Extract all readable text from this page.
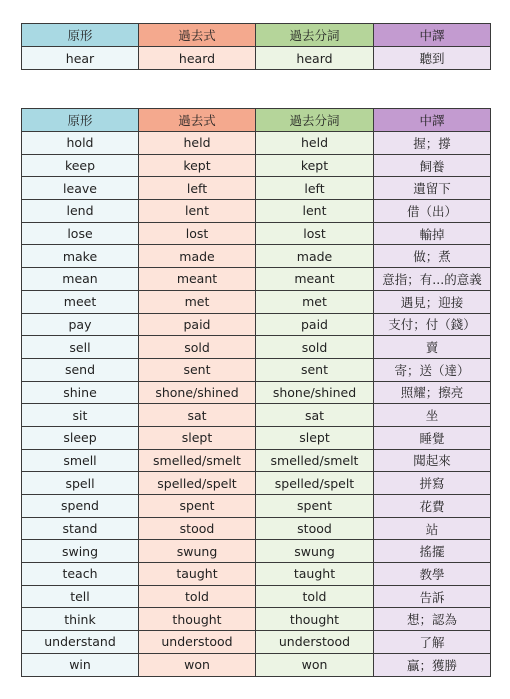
原形	過去式	過去分詞	中譯
hear	heard	heard	聽到
原形	過去式	過去分詞	中譯
hold	held	held	握；撐
keep	kept	kept	飼養
leave	left	left	遺留下
lend	lent	lent	借（出）
lose	lost	lost	輸掉
make	made	made	做；煮
mean	meant	meant	意指；有...的意義
meet	met	met	遇見；迎接
pay	paid	paid	支付；付（錢）
sell	sold	sold	賣
send	sent	sent	寄；送（達）
shine	shone/shined	shone/shined	照耀；擦亮
sit	sat	sat	坐
sleep	slept	slept	睡覺
smell	smelled/smelt	smelled/smelt	聞起來
spell	spelled/spelt	spelled/spelt	拼寫
spend	spent	spent	花費
stand	stood	stood	站
swing	swung	swung	搖擺
teach	taught	taught	教學
tell	told	told	告訴
think	thought	thought	想；認為
understand	understood	understood	了解
win	won	won	贏；獲勝
